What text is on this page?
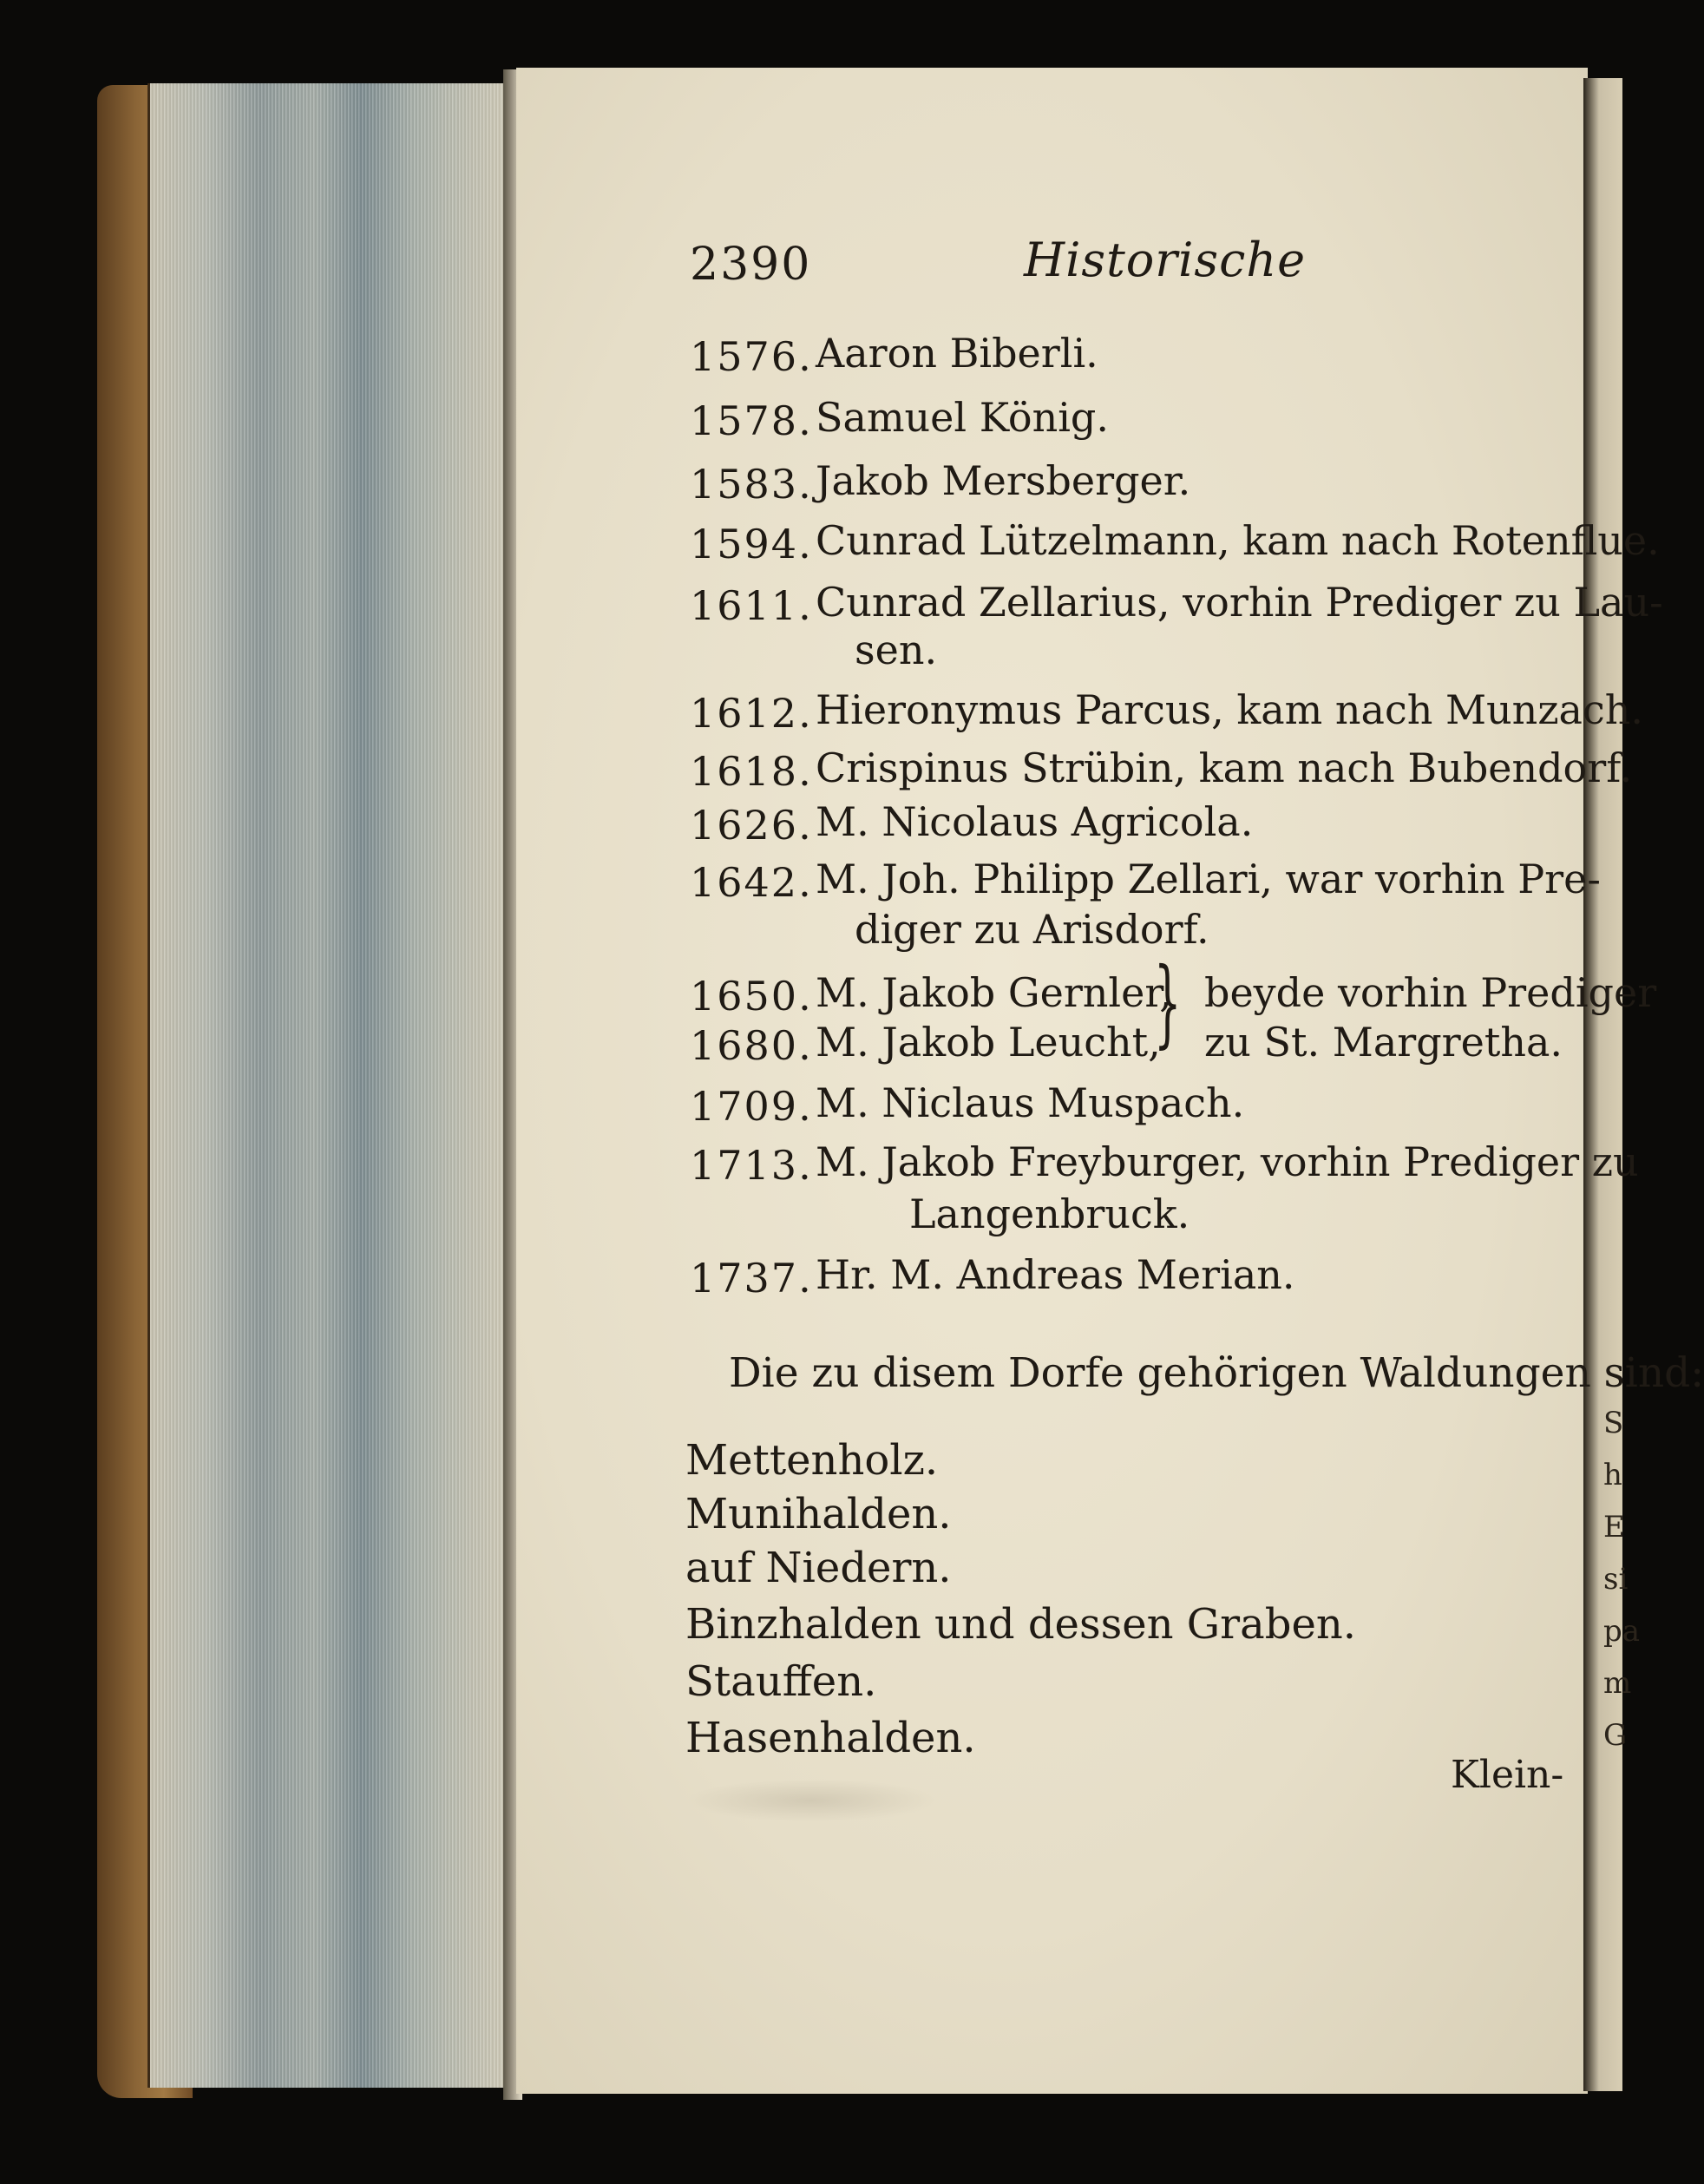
2390	Historische
1576. Aaron Biberli.
1578. Samuel König.
1583. Jakob Mersberger.
1594. Cunrad Lützelmann, kam nach Rotenflue.
1611. Cunrad Zellarius, vorhin Prediger zu Lau-
sen.
1612. Hieronymus Parcus, kam nach Munzach.
1618. Crispinus Strübin, kam nach Bubendorf.
1626. M. Nicolaus Agricola.
1642. M. Joh. Philipp Zellari, war vorhin Pre-
diger zu Arisdorf.
1650. M. Jakob Gernler,
1680. M. Jakob Leucht,
} beyde vorhin Prediger
zu St. Margretha.
1709. M. Niclaus Muspach.
1713. M. Jakob Freyburger, vorhin Prediger zu
Langenbruck.
1737. Hr. M. Andreas Merian.
Die zu disem Dorfe gehörigen Waldungen sind:
Mettenholz.
Munihalden.
auf Niedern.
Binzhalden und dessen Graben.
Stauffen.
Hasenhalden.
Klein-
S
h
E
si
pa
m
G
